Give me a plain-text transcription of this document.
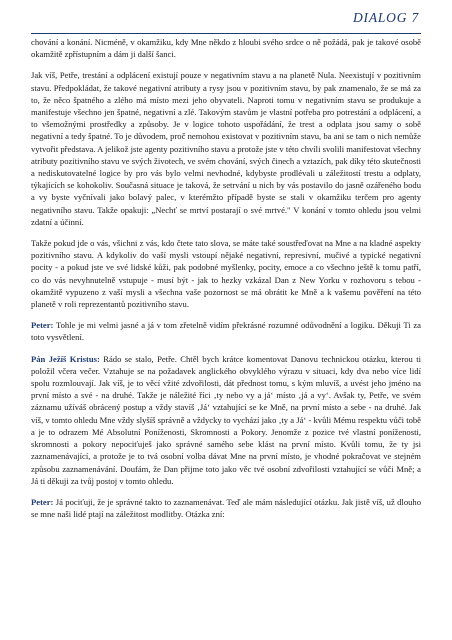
DIALOG 7

chování a konání. Nicméně, v okamžiku, kdy Mne někdo z hloubi svého srdce o ně požádá, pak je takové osobě okamžitě zpřístupním a dám ji další šanci.

Jak víš, Petře, trestání a odplácení existují pouze v negativním stavu a na planetě Nula. Neexistují v pozitivním stavu. Předpokládat, že takové negativní atributy a rysy jsou v pozitivním stavu, by pak znamenalo, že se má za to, že něco špatného a zlého má místo mezi jeho obyvateli. Naproti tomu v negativním stavu se produkuje a manifestuje všechno jen špatné, negativní a zlé. Takovým stavům je vlastní potřeba pro potrestání a odplácení, a to všemožnými prostředky a způsoby. Je v logice tohoto uspořádání, že trest a odplata jsou samy o sobě negativní a tedy špatné. To je důvodem, proč nemohou existovat v pozitivním stavu, ba ani se tam o nich nemůže vytvořit představa. A jelikož jste agenty pozitivního stavu a protože jste v této chvíli svolili manifestovat všechny atributy pozitivního stavu ve svých životech, ve svém chování, svých činech a vztazích, pak díky této skutečnosti a nediskutovatelné logice by pro vás bylo velmi nevhodné, kdybyste prodlévali u záležitostí trestu a odplaty, týkajících se kohokoliv. Současná situace je taková, že setrvání u nich by vás postavilo do jasně ozářeného bodu a vy byste vyčnívali jako bolavý palec, v kterémžto případě byste se stali v okamžiku terčem pro agenty negativního stavu. Takže opakuji: „Nechť se mrtví postarají o své mrtvé." V konání v tomto ohledu jsou velmi zdatní a účinní.

Takže pokud jde o vás, všichni z vás, kdo čtete tato slova, se máte také soustřeďovat na Mne a na kladné aspekty pozitivního stavu. A kdykoliv do vaší mysli vstoupí nějaké negativní, represivní, mučivé a typické negativní pocity - a pokud jste ve své lidské kůži, pak podobné myšlenky, pocity, emoce a co všechno ještě k tomu patří, co do vás nevyhnutelně vstupuje - musí být - jak to hezky vzkázal Dan z New Yorku v rozhovoru s tebou - okamžitě vypuzeno z vaší mysli a všechna vaše pozornost se má obrátit ke Mně a k vašemu pověření na této planetě v roli reprezentantů pozitivního stavu.

Peter: Tohle je mi velmi jasné a já v tom zřetelně vidím překrásné rozumné odůvodnění a logiku. Děkuji Ti za toto vysvětlení.

Pán Ježíš Kristus: Rádo se stalo, Petře. Chtěl bych krátce komentovat Danovu technickou otázku, kterou ti položil včera večer. Vztahuje se na požadavek anglického obvyklého výrazu v situaci, kdy dva nebo více lidí spolu rozmlouvají. Jak víš, je to věcí vžité zdvořilosti, dát přednost tomu, s kým mluvíš, a uvést jeho jméno na první místo a své - na druhé. Takže je náležité říci ‚ty nebo vy a já‘ místo ‚já a vy‘. Avšak ty, Petře, ve svém záznamu užíváš obrácený postup a vždy stavíš ‚Já‘ vztahující se ke Mně, na první místo a sebe - na druhé. Jak víš, v tomto ohledu Mne vždy slyšíš správně a vždycky to vychází jako ‚ty a Já‘ - kvůli Mému respektu vůči tobě a je to odrazem Mé Absolutní Poníženosti, Skromnosti a Pokory. Jenomže z pozice tvé vlastní poníženosti, skromnosti a pokory nepociťuješ jako správné samého sebe klást na první místo. Kvůli tomu, že ty jsi zaznamenávající, a protože je to tvá osobní volba dávat Mne na první místo, je vhodné pokračovat ve stejném způsobu zaznamenávání. Doufám, že Dan přijme toto jako věc tvé osobní zdvořilosti vztahující se vůči Mně; a Já ti děkuji za tvůj postoj v tomto ohledu.

Peter: Já pociťuji, že je správné takto to zaznamenávat. Teď ale mám následující otázku. Jak jistě víš, už dlouho se mne naši lidé ptají na záležitost modlitby. Otázka zní:
